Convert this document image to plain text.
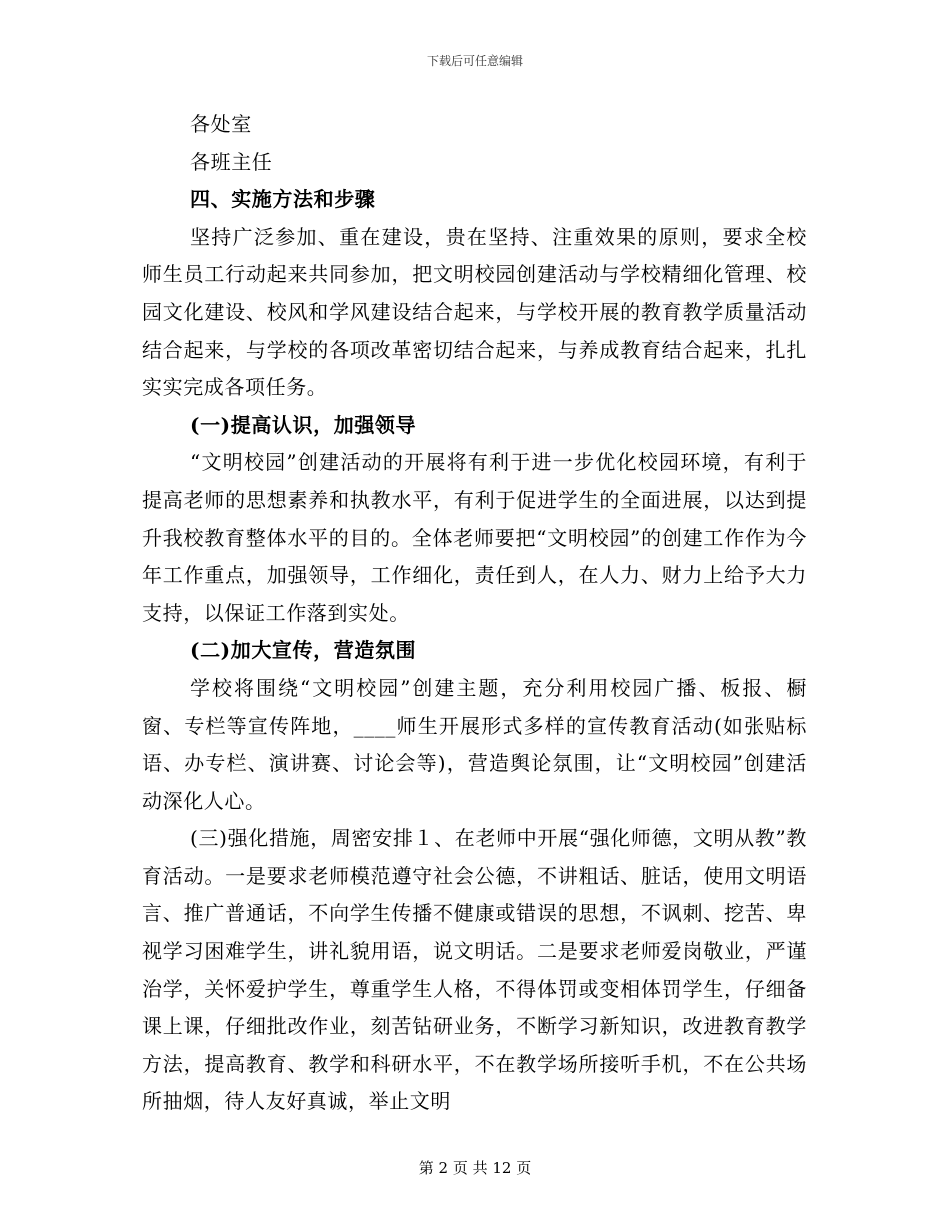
下载后可任意编辑

各处室

各班主任

四、实施方法和步骤

坚持广泛参加、重在建设，贵在坚持、注重效果的原则，要求全校师生员工行动起来共同参加，把文明校园创建活动与学校精细化管理、校园文化建设、校风和学风建设结合起来，与学校开展的教育教学质量活动结合起来，与学校的各项改革密切结合起来，与养成教育结合起来，扎扎实实完成各项任务。

(一)提高认识，加强领导

“文明校园”创建活动的开展将有利于进一步优化校园环境，有利于提高老师的思想素养和执教水平，有利于促进学生的全面进展，以达到提升我校教育整体水平的目的。全体老师要把“文明校园”的创建工作作为今年工作重点，加强领导，工作细化，责任到人，在人力、财力上给予大力支持，以保证工作落到实处。

(二)加大宣传，营造氛围

学校将围绕“文明校园”创建主题，充分利用校园广播、板报、橱窗、专栏等宣传阵地，____师生开展形式多样的宣传教育活动(如张贴标语、办专栏、演讲赛、讨论会等)，营造舆论氛围，让“文明校园”创建活动深化人心。

(三)强化措施，周密安排１、在老师中开展“强化师德，文明从教”教育活动。一是要求老师模范遵守社会公德，不讲粗话、脏话，使用文明语言、推广普通话，不向学生传播不健康或错误的思想，不讽刺、挖苦、卑视学习困难学生，讲礼貌用语，说文明话。二是要求老师爱岗敬业，严谨治学，关怀爱护学生，尊重学生人格，不得体罚或变相体罚学生，仔细备课上课，仔细批改作业，刻苦钻研业务，不断学习新知识，改进教育教学方法，提高教育、教学和科研水平，不在教学场所接听手机，不在公共场所抽烟，待人友好真诚，举止文明

第 2 页 共 12 页
